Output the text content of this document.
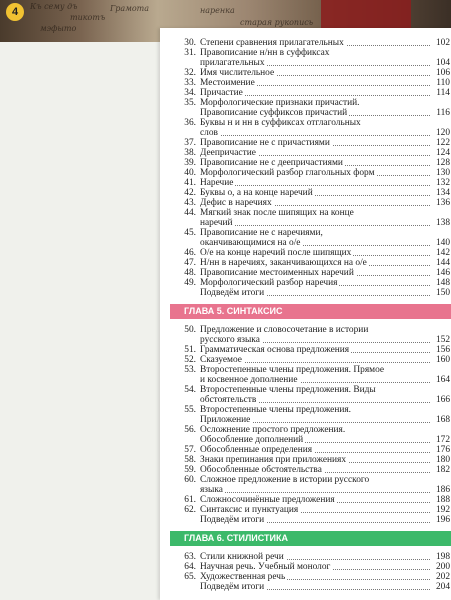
Къ сему дъ
тикотъ
мэфыто
Грамота	наренка
старая рукопись
4
30. Степени сравнения прилагательных	102
31. Правописание н/нн в суффиксах
прилагательных	104
32. Имя числительное	106
33. Местоимение	110
34. Причастие	114
35. Морфологические признаки причастий.
Правописание суффиксов причастий	116
36. Буквы н и нн в суффиксах отглагольных
слов	120
37. Правописание не с причастиями	122
38. Деепричастие	124
39. Правописание не с деепричастиями	128
40. Морфологический разбор глагольных форм	130
41. Наречие	132
42. Буквы о, а на конце наречий	134
43. Дефис в наречиях	136
44. Мягкий знак после шипящих на конце
наречий	138
45. Правописание не с наречиями,
оканчивающимися на о/е	140
46. О/е на конце наречий после шипящих	142
47. Н/нн в наречиях, заканчивающихся на о/е	144
48. Правописание местоименных наречий	146
49. Морфологический разбор наречия	148
Подведём итоги	150
ГЛАВА 5. СИНТАКСИС
50. Предложение и словосочетание в истории
русского языка	152
51. Грамматическая основа предложения	156
52. Сказуемое	160
53. Второстепенные члены предложения. Прямое
и косвенное дополнение	164
54. Второстепенные члены предложения. Виды
обстоятельств	166
55. Второстепенные члены предложения.
Приложение	168
56. Осложнение простого предложения.
Обособление дополнений	172
57. Обособленные определения	176
58. Знаки препинания при приложениях	180
59. Обособленные обстоятельства	182
60. Сложное предложение в истории русского
языка	186
61. Сложносочинённые предложения	188
62. Синтаксис и пунктуация	192
Подведём итоги	196
ГЛАВА 6. СТИЛИСТИКА
63. Стили книжной речи	198
64. Научная речь. Учебный монолог	200
65. Художественная речь	202
Подведём итоги	204
